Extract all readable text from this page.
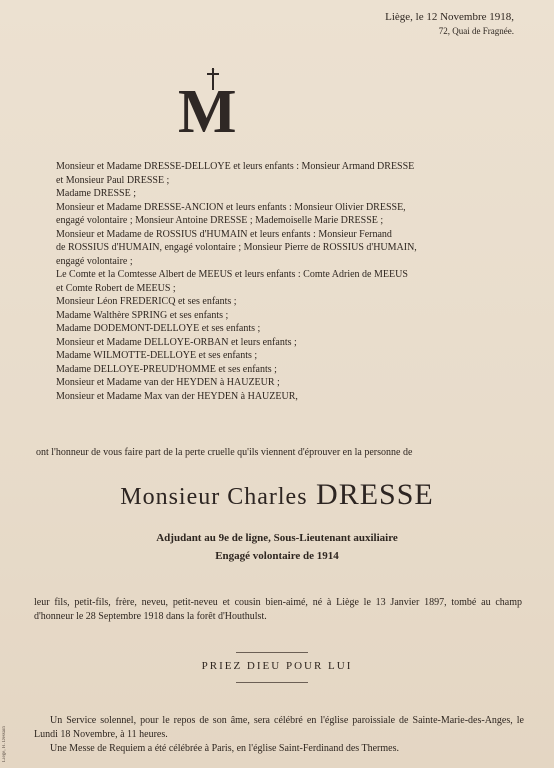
Liège, le 12 Novembre 1918,
72, Quai de Fragnée.
M

Monsieur et Madame DRESSE-DELLOYE et leurs enfants : Monsieur Armand DRESSE

et Monsieur Paul DRESSE ;

Madame DRESSE ;

Monsieur et Madame DRESSE-ANCION et leurs enfants : Monsieur Olivier DRESSE,

engagé volontaire ; Monsieur Antoine DRESSE ; Mademoiselle Marie DRESSE ;

Monsieur et Madame de ROSSIUS d'HUMAIN et leurs enfants : Monsieur Fernand

de ROSSIUS d'HUMAIN, engagé volontaire ; Monsieur Pierre de ROSSIUS d'HUMAIN,

engagé volontaire ;

Le Comte et la Comtesse Albert de MEEUS et leurs enfants : Comte Adrien de MEEUS

et Comte Robert de MEEUS ;

Monsieur Léon FREDERICQ et ses enfants ;

Madame Walthère SPRING et ses enfants ;

Madame DODEMONT-DELLOYE et ses enfants ;

Monsieur et Madame DELLOYE-ORBAN et leurs enfants ;

Madame WILMOTTE-DELLOYE et ses enfants ;

Madame DELLOYE-PREUD'HOMME et ses enfants ;

Monsieur et Madame van der HEYDEN à HAUZEUR ;

Monsieur et Madame Max van der HEYDEN à HAUZEUR,

ont l'honneur de vous faire part de la perte cruelle qu'ils viennent d'éprouver en la personne de
Monsieur Charles DRESSE
Adjudant au 9e de ligne, Sous-Lieutenant auxiliaire
Engagé volontaire de 1914
leur fils, petit-fils, frère, neveu, petit-neveu et cousin bien-aimé, né à Liège le 13 Janvier 1897, tombé au champ d'honneur le 28 Septembre 1918 dans la forêt d'Houthulst.
PRIEZ DIEU POUR LUI

Un Service solennel, pour le repos de son âme, sera célébré en l'église paroissiale de Sainte-Marie-des-Anges, le Lundi 18 Novembre, à 11 heures.

Une Messe de Requiem a été célébrée à Paris, en l'église Saint-Ferdinand des Thermes.

Liège, H. Dessain
